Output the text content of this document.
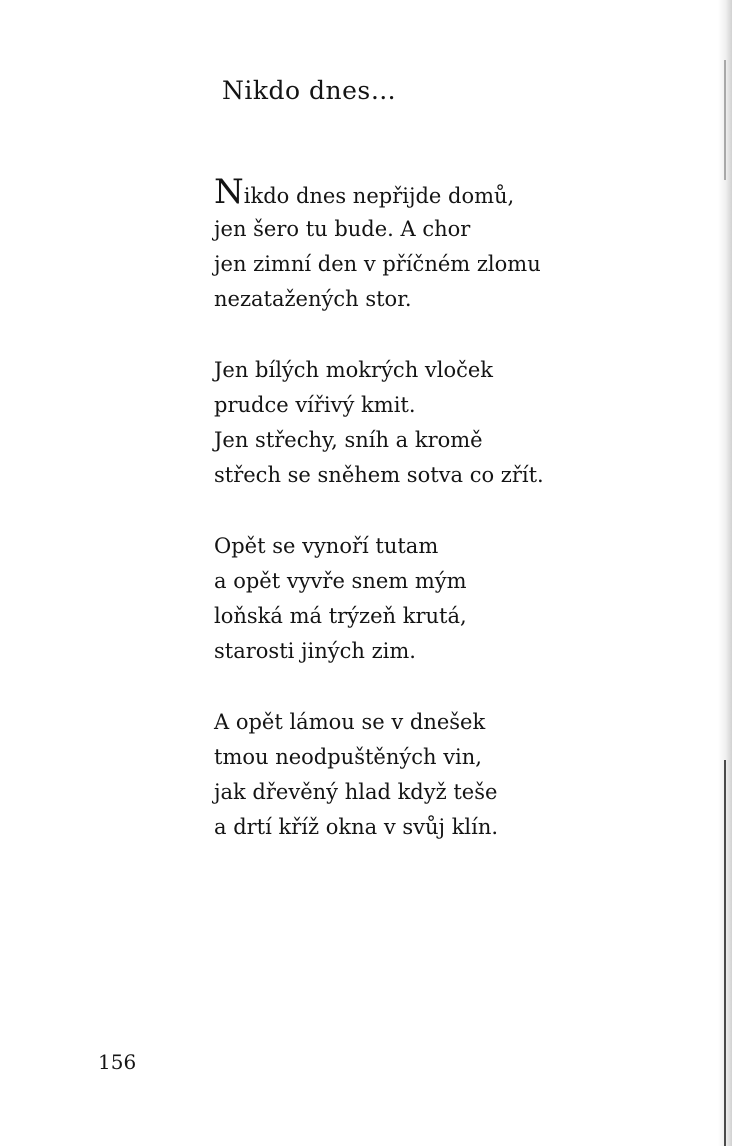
Nikdo dnes…
Nikdo dnes nepřijde domů,
jen šero tu bude. A chor
jen zimní den v příčném zlomu
nezatažených stor.
Jen bílých mokrých vloček
prudce vířivý kmit.
Jen střechy, sníh a kromě
střech se sněhem sotva co zřít.
Opět se vynoří tutam
a opět vyvře snem mým
loňská má trýzeň krutá,
starosti jiných zim.
A opět lámou se v dnešek
tmou neodpuštěných vin,
jak dřevěný hlad když teše
a drtí kříž okna v svůj klín.
156
